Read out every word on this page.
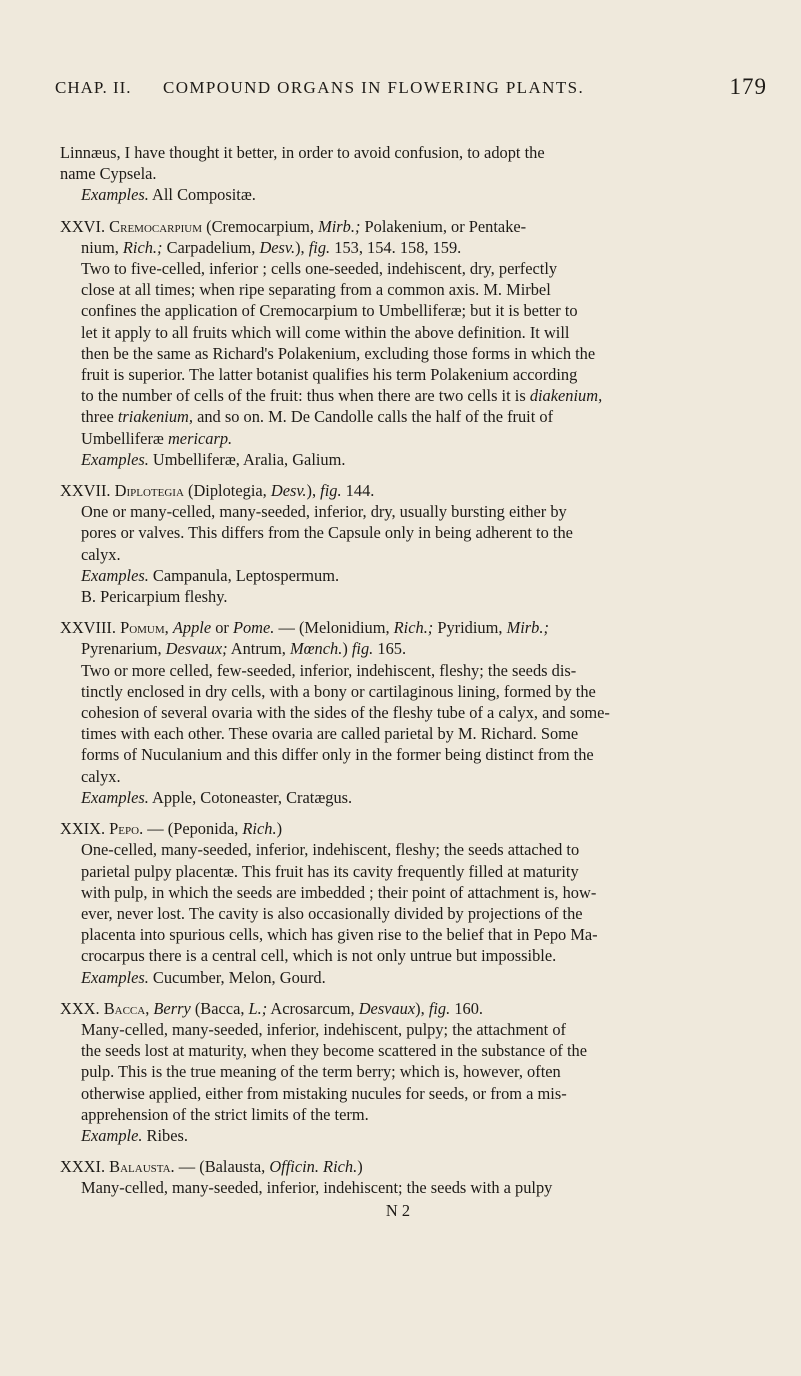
CHAP. II. COMPOUND ORGANS IN FLOWERING PLANTS.	179
Linnæus, I have thought it better, in order to avoid confusion, to adopt the
name Cypsela.
Examples. All Compositæ.
XXVI. Cremocarpium (Cremocarpium, Mirb.; Polakenium, or Pentake-
nium, Rich.; Carpadelium, Desv.), fig. 153, 154. 158, 159.
Two to five-celled, inferior ; cells one-seeded, indehiscent, dry, perfectly
close at all times; when ripe separating from a common axis. M. Mirbel
confines the application of Cremocarpium to Umbelliferæ; but it is better to
let it apply to all fruits which will come within the above definition. It will
then be the same as Richard's Polakenium, excluding those forms in which the
fruit is superior. The latter botanist qualifies his term Polakenium according
to the number of cells of the fruit: thus when there are two cells it is diakenium,
three triakenium, and so on. M. De Candolle calls the half of the fruit of
Umbelliferæ mericarp.
Examples. Umbelliferæ, Aralia, Galium.
XXVII. Diplotegia (Diplotegia, Desv.), fig. 144.
One or many-celled, many-seeded, inferior, dry, usually bursting either by
pores or valves. This differs from the Capsule only in being adherent to the
calyx.
Examples. Campanula, Leptospermum.
B. Pericarpium fleshy.
XXVIII. Pomum, Apple or Pome. — (Melonidium, Rich.; Pyridium, Mirb.;
Pyrenarium, Desvaux; Antrum, Mœnch.) fig. 165.
Two or more celled, few-seeded, inferior, indehiscent, fleshy; the seeds dis-
tinctly enclosed in dry cells, with a bony or cartilaginous lining, formed by the
cohesion of several ovaria with the sides of the fleshy tube of a calyx, and some-
times with each other. These ovaria are called parietal by M. Richard. Some
forms of Nuculanium and this differ only in the former being distinct from the
calyx.
Examples. Apple, Cotoneaster, Cratægus.
XXIX. Pepo. — (Peponida, Rich.)
One-celled, many-seeded, inferior, indehiscent, fleshy; the seeds attached to
parietal pulpy placentæ. This fruit has its cavity frequently filled at maturity
with pulp, in which the seeds are imbedded ; their point of attachment is, how-
ever, never lost. The cavity is also occasionally divided by projections of the
placenta into spurious cells, which has given rise to the belief that in Pepo Ma-
crocarpus there is a central cell, which is not only untrue but impossible.
Examples. Cucumber, Melon, Gourd.
XXX. Bacca, Berry (Bacca, L.; Acrosarcum, Desvaux), fig. 160.
Many-celled, many-seeded, inferior, indehiscent, pulpy; the attachment of
the seeds lost at maturity, when they become scattered in the substance of the
pulp. This is the true meaning of the term berry; which is, however, often
otherwise applied, either from mistaking nucules for seeds, or from a mis-
apprehension of the strict limits of the term.
Example. Ribes.
XXXI. Balausta. — (Balausta, Officin. Rich.)
Many-celled, many-seeded, inferior, indehiscent; the seeds with a pulpy
N 2
